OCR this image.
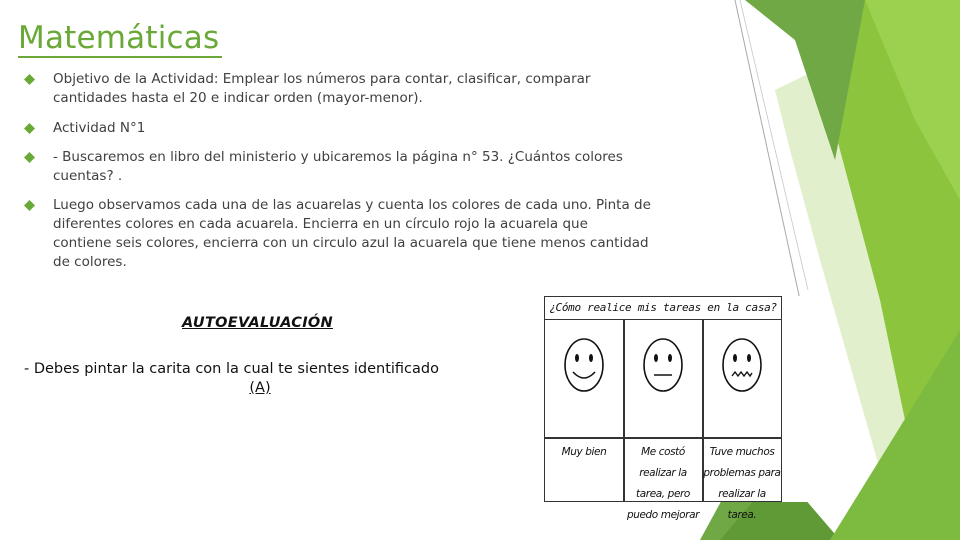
Matemáticas
Objetivo de la Actividad: Emplear los números para contar, clasificar, comparar
cantidades hasta el 20 e indicar orden (mayor-menor).
Actividad N°1
- Buscaremos en libro del ministerio y ubicaremos la página n° 53. ¿Cuántos colores
cuentas? .
Luego observamos cada una de las acuarelas y cuenta los colores de cada uno. Pinta de
diferentes colores en cada acuarela. Encierra en un círculo rojo la acuarela que
contiene seis colores, encierra con un circulo azul la acuarela que tiene menos cantidad
de colores.
AUTOEVALUACIÓN
- Debes pintar la carita con la cual te sientes identificado
(A)
¿Cómo realice mis tareas en la casa?
Muy bien	Me costó realizar la tarea, pero puedo mejorar
Tuve muchos problemas para realizar la tarea.
